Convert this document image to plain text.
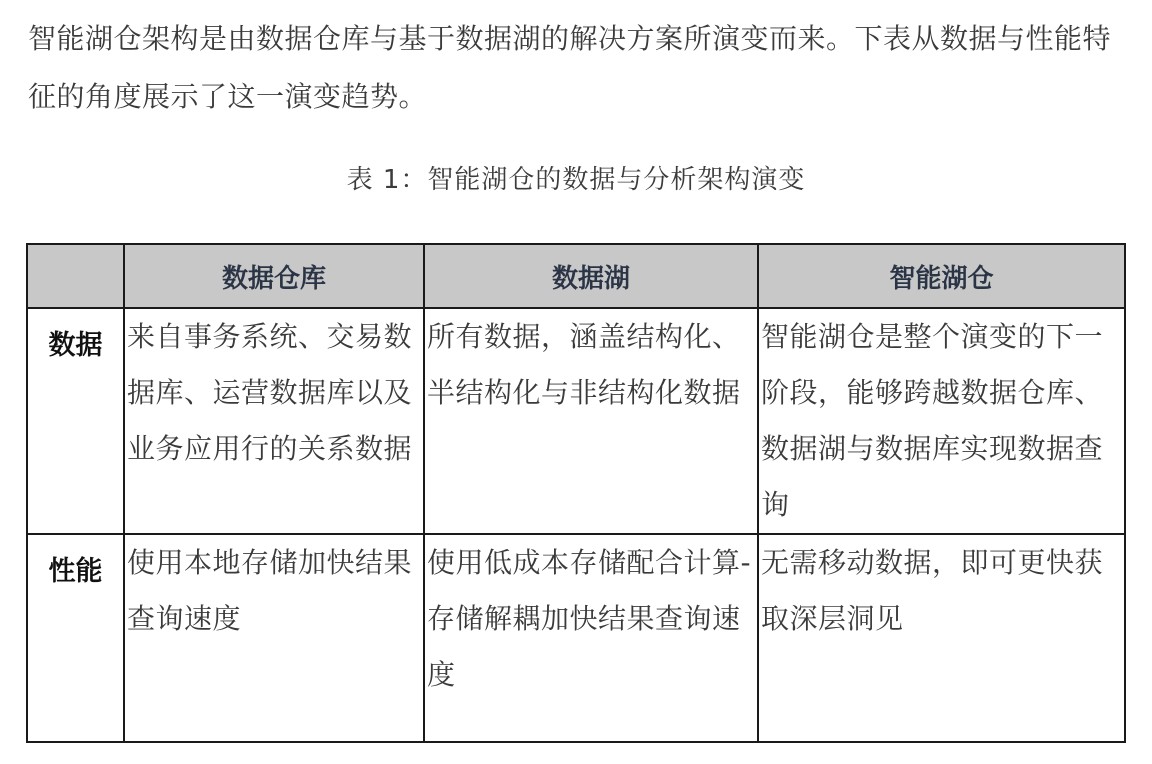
智能湖仓架构是由数据仓库与基于数据湖的解决方案所演变而来。下表从数据与性能特征的角度展示了这一演变趋势。

表 1：智能湖仓的数据与分析架构演变
	数据仓库	数据湖	智能湖仓
数据	来自事务系统、交易数据库、运营数据库以及业务应用行的关系数据	所有数据，涵盖结构化、半结构化与非结构化数据	智能湖仓是整个演变的下一阶段，能够跨越数据仓库、数据湖与数据库实现数据查询
性能	使用本地存储加快结果查询速度	使用低成本存储配合计算-存储解耦加快结果查询速度	无需移动数据，即可更快获取深层洞见
